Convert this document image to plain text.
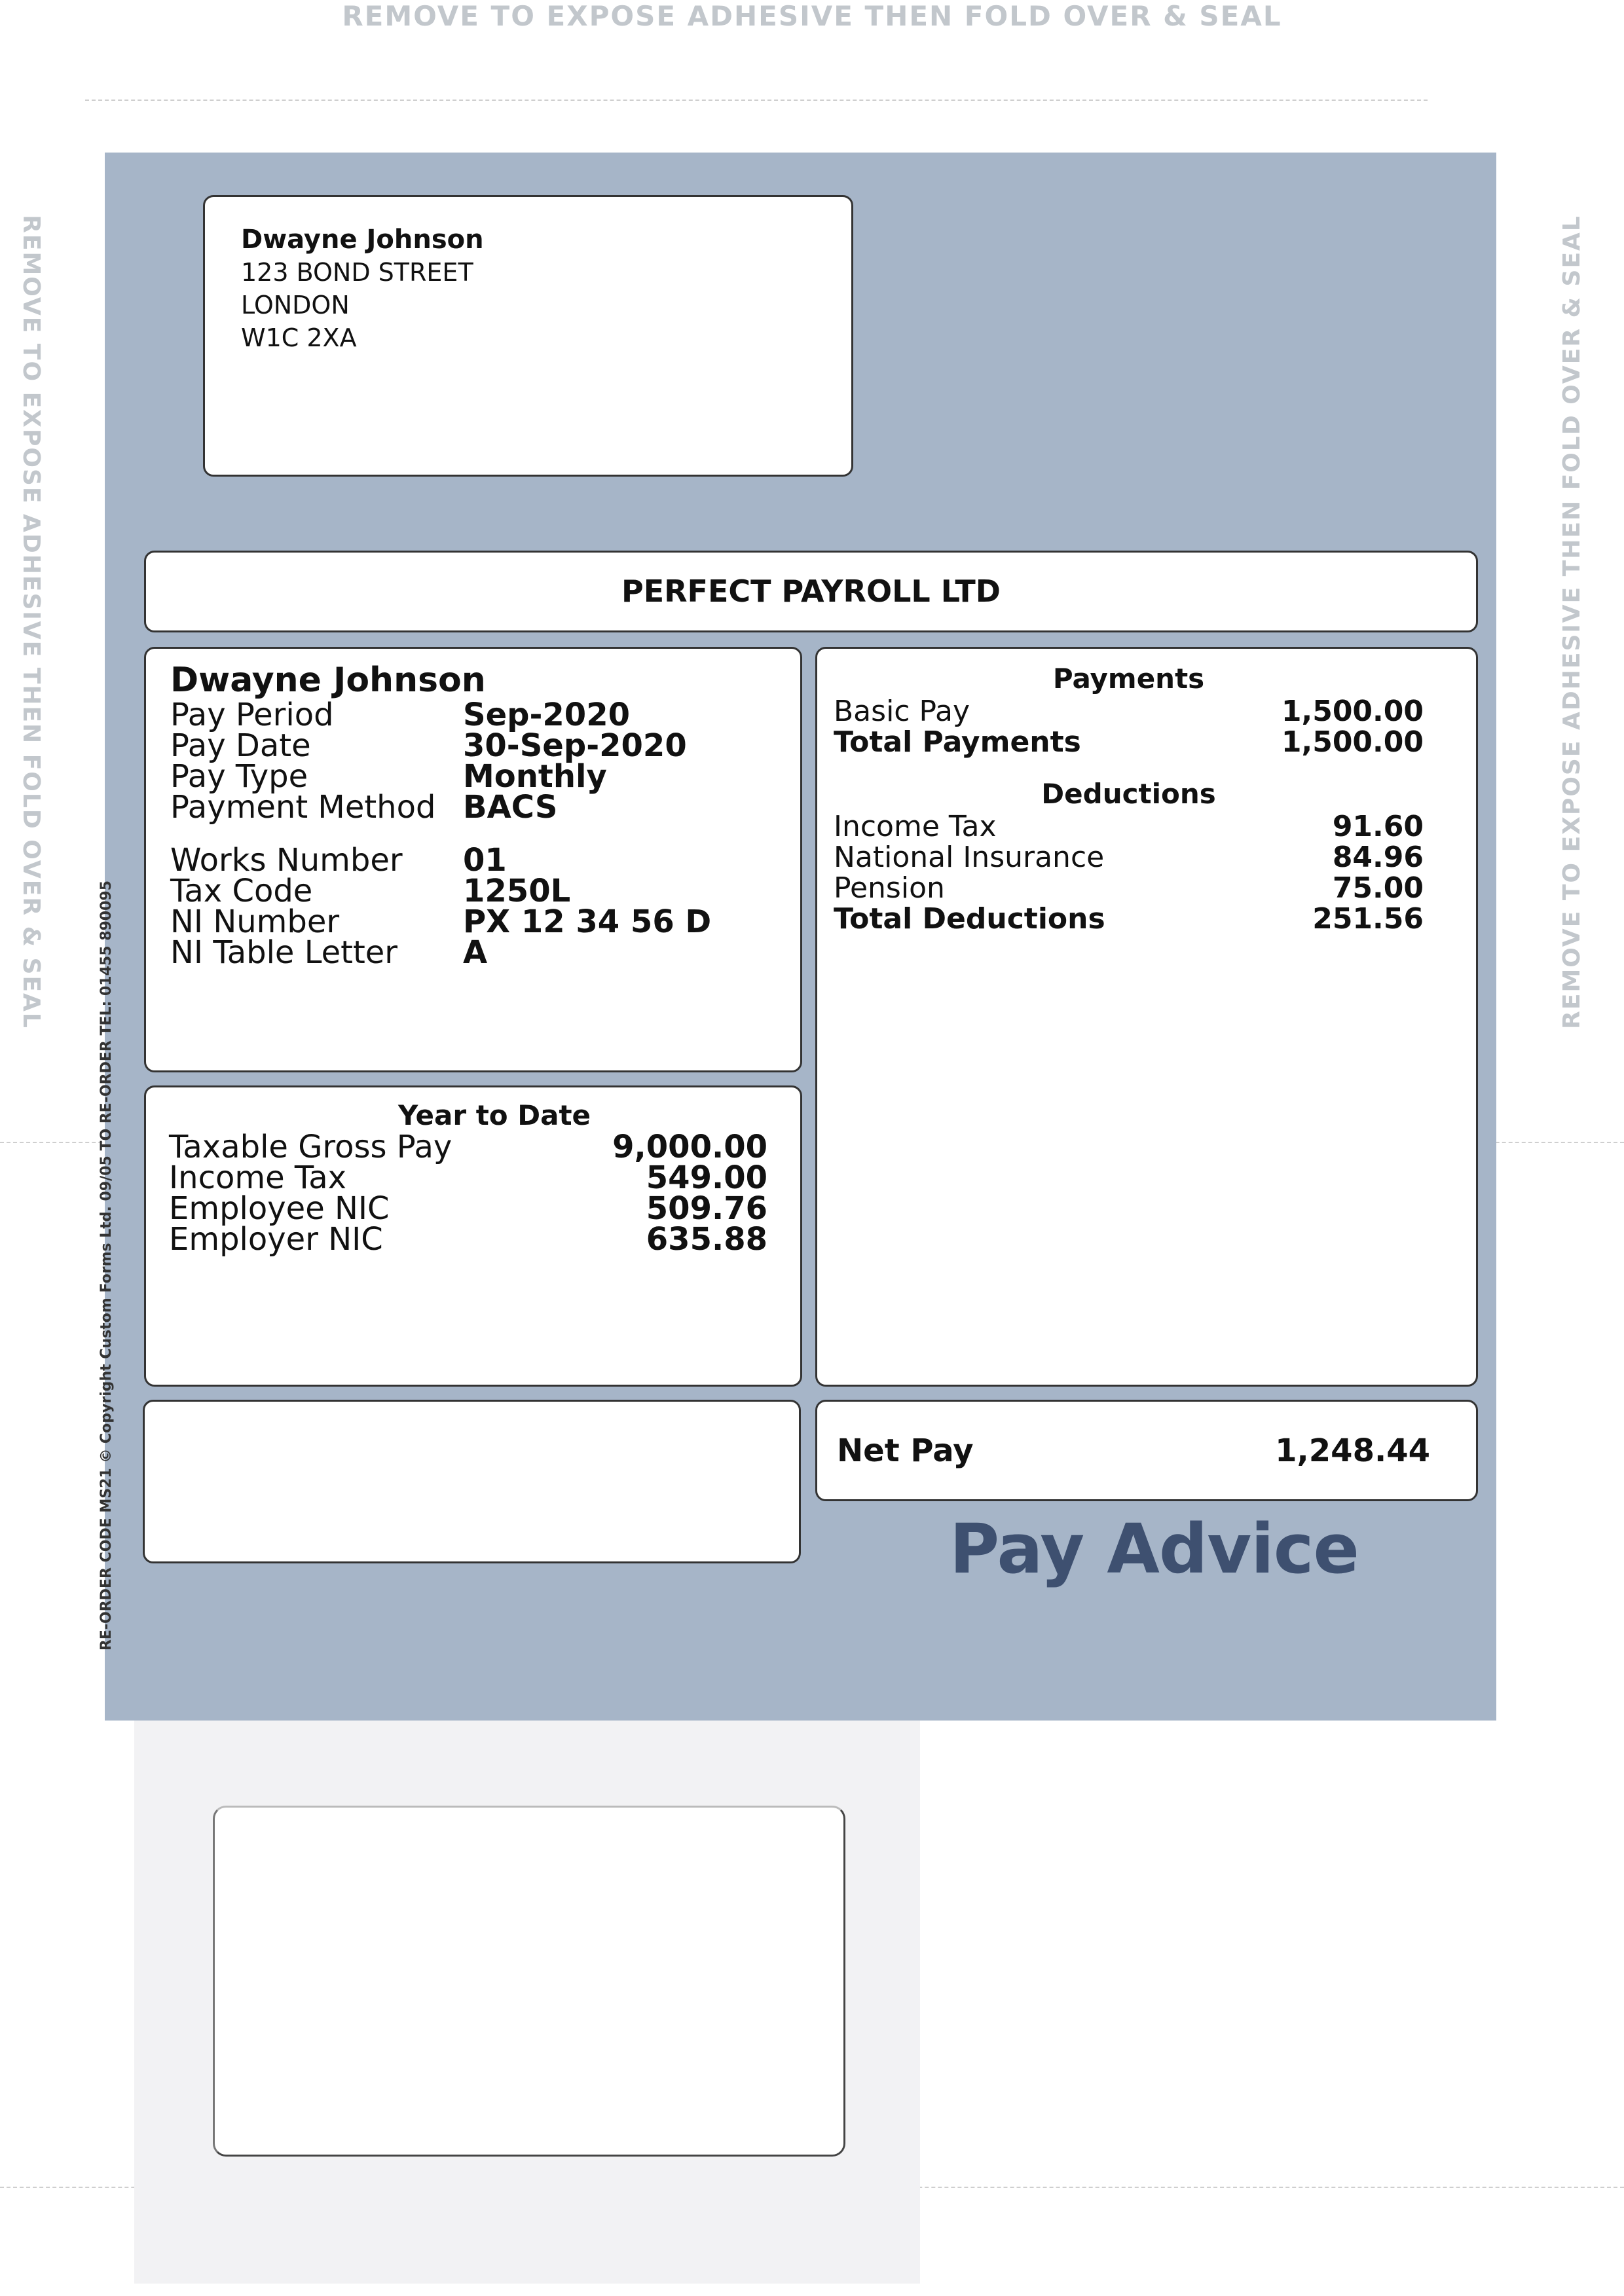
REMOVE TO EXPOSE ADHESIVE THEN FOLD OVER & SEAL
REMOVE TO EXPOSE ADHESIVE THEN FOLD OVER & SEAL	REMOVE TO EXPOSE ADHESIVE THEN FOLD OVER & SEAL
RE-ORDER CODE MS21 © Copyright Custom Forms Ltd. 09/05 TO RE-ORDER TEL: 01455 890095
Dwayne Johnson
123 BOND STREET
LONDON
W1C 2XA
PERFECT PAYROLL LTD
Dwayne Johnson
Pay Period	Sep-2020
Pay Date	30-Sep-2020
Pay Type	Monthly
Payment Method BACS
Works Number	01
Tax Code	1250L
NI Number	PX 12 34 56 D
NI Table Letter	A
Payments
Basic Pay	1,500.00
Total Payments	1,500.00
Deductions
Income Tax	91.60
National Insurance	84.96
Pension	75.00
Total Deductions	251.56
Year to Date
Taxable Gross Pay	9,000.00
Income Tax	549.00
Employee NIC	509.76
Employer NIC	635.88
Net Pay	1,248.44
Pay Advice
